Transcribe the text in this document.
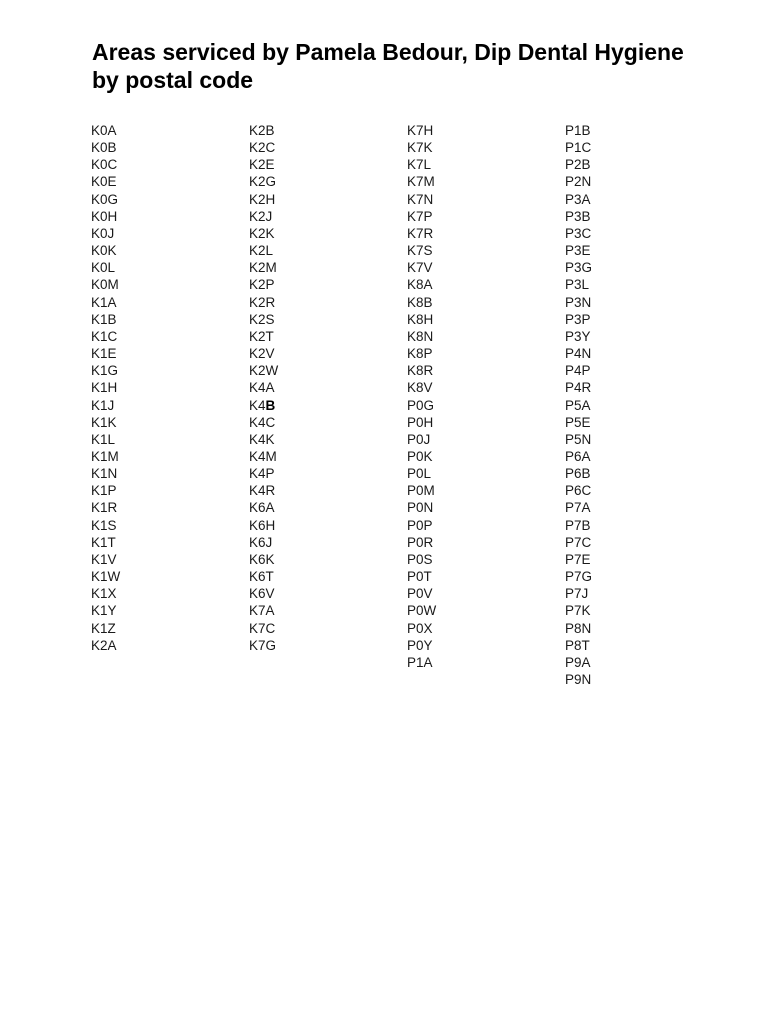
Areas serviced by Pamela Bedour, Dip Dental Hygiene
by postal code
K0A
K0B
K0C
K0E
K0G
K0H
K0J
K0K
K0L
K0M
K1A
K1B
K1C
K1E
K1G
K1H
K1J
K1K
K1L
K1M
K1N
K1P
K1R
K1S
K1T
K1V
K1W
K1X
K1Y
K1Z
K2A
K2B
K2C
K2E
K2G
K2H
K2J
K2K
K2L
K2M
K2P
K2R
K2S
K2T
K2V
K2W
K4A
K4B
K4C
K4K
K4M
K4P
K4R
K6A
K6H
K6J
K6K
K6T
K6V
K7A
K7C
K7G
K7H
K7K
K7L
K7M
K7N
K7P
K7R
K7S
K7V
K8A
K8B
K8H
K8N
K8P
K8R
K8V
P0G
P0H
P0J
P0K
P0L
P0M
P0N
P0P
P0R
P0S
P0T
P0V
P0W
P0X
P0Y
P1A
P1B
P1C
P2B
P2N
P3A
P3B
P3C
P3E
P3G
P3L
P3N
P3P
P3Y
P4N
P4P
P4R
P5A
P5E
P5N
P6A
P6B
P6C
P7A
P7B
P7C
P7E
P7G
P7J
P7K
P8N
P8T
P9A
P9N
